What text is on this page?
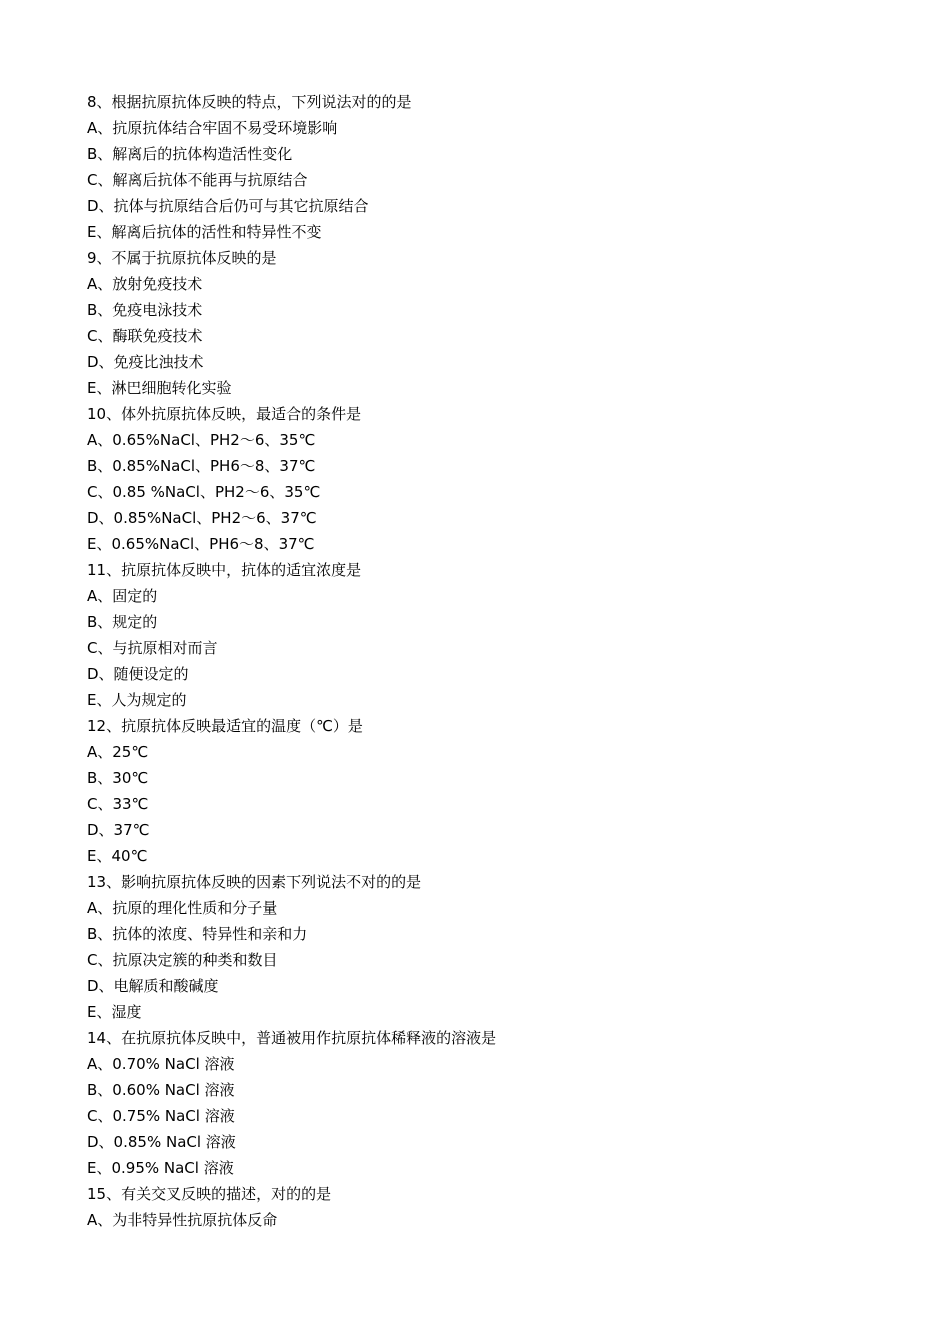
8、根据抗原抗体反映的特点，下列说法对的的是
A、抗原抗体结合牢固不易受环境影响
B、解离后的抗体构造活性变化
C、解离后抗体不能再与抗原结合
D、抗体与抗原结合后仍可与其它抗原结合
E、解离后抗体的活性和特异性不变
9、不属于抗原抗体反映的是
A、放射免疫技术
B、免疫电泳技术
C、酶联免疫技术
D、免疫比浊技术
E、淋巴细胞转化实验
10、体外抗原抗体反映，最适合的条件是
A、0.65%NaCl、PH2～6、35℃
B、0.85%NaCl、PH6～8、37℃
C、0.85 %NaCl、PH2～6、35℃
D、0.85%NaCl、PH2～6、37℃
E、0.65%NaCl、PH6～8、37℃
11、抗原抗体反映中，抗体的适宜浓度是
A、固定的
B、规定的
C、与抗原相对而言
D、随便设定的
E、人为规定的
12、抗原抗体反映最适宜的温度（℃）是
A、25℃
B、30℃
C、33℃
D、37℃
E、40℃
13、影响抗原抗体反映的因素下列说法不对的的是
A、抗原的理化性质和分子量
B、抗体的浓度、特异性和亲和力
C、抗原决定簇的种类和数目
D、电解质和酸碱度
E、湿度
14、在抗原抗体反映中，普通被用作抗原抗体稀释液的溶液是
A、0.70% NaCl 溶液
B、0.60% NaCl 溶液
C、0.75% NaCl 溶液
D、0.85% NaCl 溶液
E、0.95% NaCl 溶液
15、有关交叉反映的描述，对的的是
A、为非特异性抗原抗体反命
